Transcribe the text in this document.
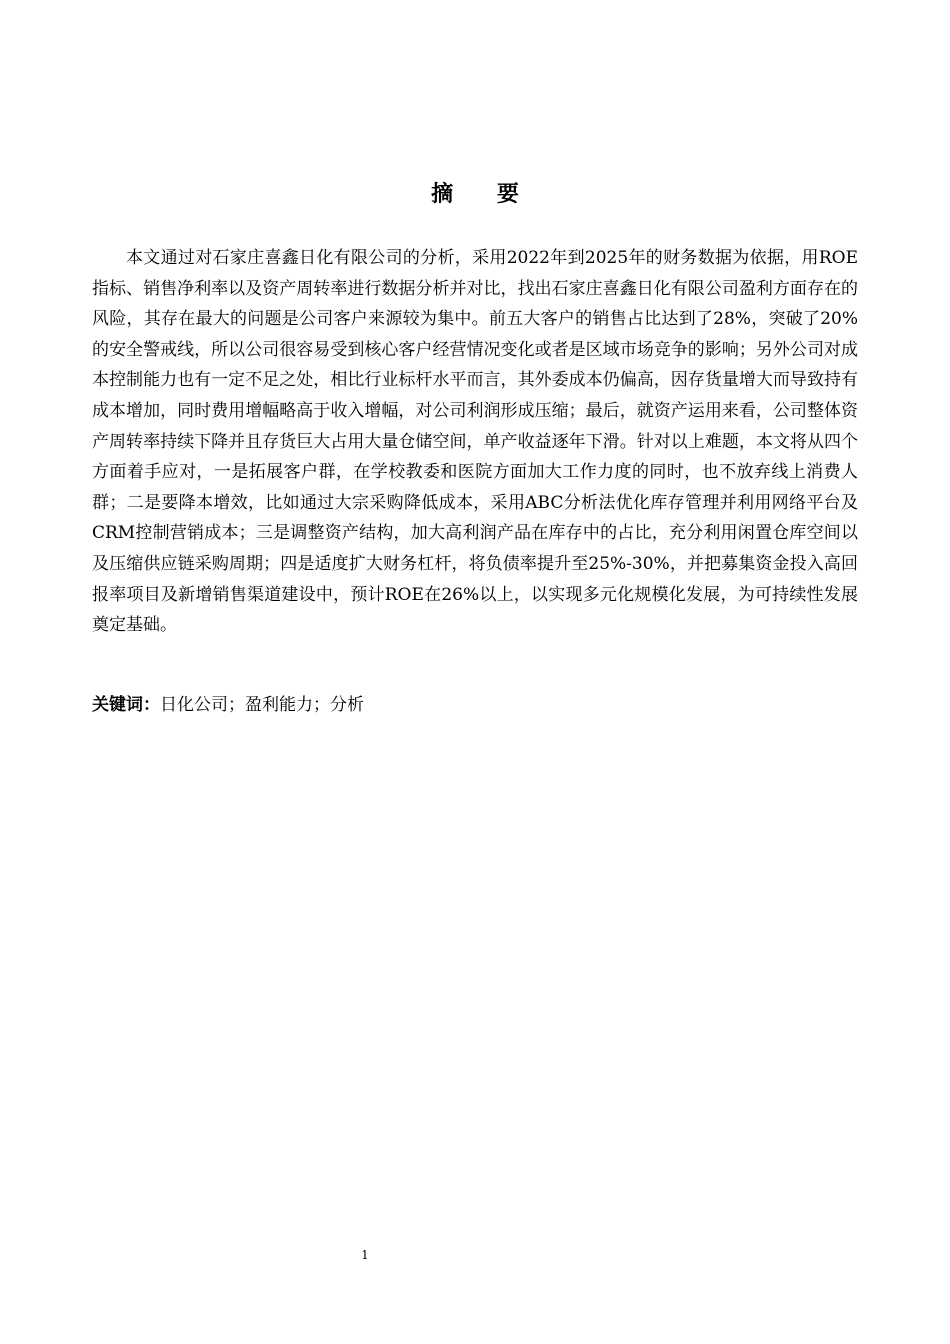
摘 要

本文通过对石家庄喜鑫日化有限公司的分析，采用2022年到2025年的财务数据为依据，用ROE指标、销售净利率以及资产周转率进行数据分析并对比，找出石家庄喜鑫日化有限公司盈利方面存在的风险，其存在最大的问题是公司客户来源较为集中。前五大客户的销售占比达到了28%，突破了20%的安全警戒线，所以公司很容易受到核心客户经营情况变化或者是区域市场竞争的影响；另外公司对成本控制能力也有一定不足之处，相比行业标杆水平而言，其外委成本仍偏高，因存货量增大而导致持有成本增加，同时费用增幅略高于收入增幅，对公司利润形成压缩；最后，就资产运用来看，公司整体资产周转率持续下降并且存货巨大占用大量仓储空间，单产收益逐年下滑。针对以上难题，本文将从四个方面着手应对，一是拓展客户群，在学校教委和医院方面加大工作力度的同时，也不放弃线上消费人群；二是要降本增效，比如通过大宗采购降低成本，采用ABC分析法优化库存管理并利用网络平台及CRM控制营销成本；三是调整资产结构，加大高利润产品在库存中的占比，充分利用闲置仓库空间以及压缩供应链采购周期；四是适度扩大财务杠杆，将负债率提升至25%-30%，并把募集资金投入高回报率项目及新增销售渠道建设中，预计ROE在26%以上，以实现多元化规模化发展，为可持续性发展奠定基础。

关键词：日化公司；盈利能力；分析

1
